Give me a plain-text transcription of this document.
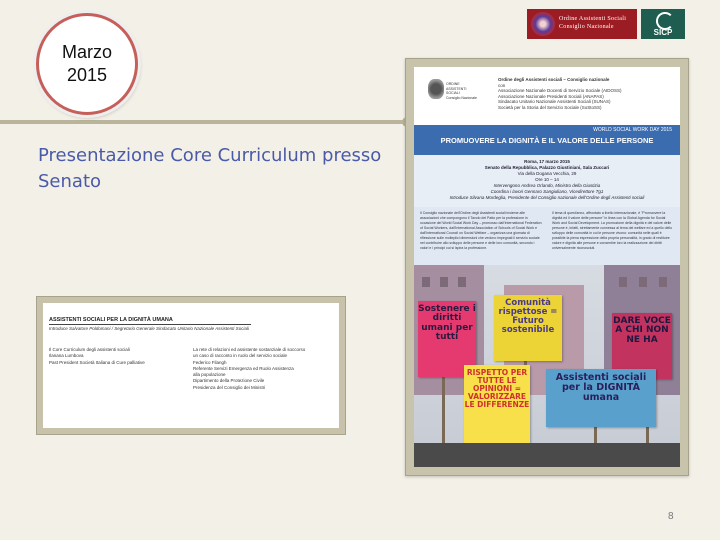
Marzo
2015
Presentazione Core Curriculum presso Senato
Ordine Assistenti Sociali
Consiglio Nazionale
SICP
ASSISTENTI SOCIALI PER LA DIGNITÀ UMANA
Introduce Salvatore Poldomani / Segretario Generale Sindacato Unitario Nazionale Assistenti Sociali
Il Core Curriculum degli assistenti sociali
Ilanana Lumbova
Past President Società Italiana di Cure palliative
La rete di relazioni ed assistente sostanziale di soccorso
un caso di racconto in ruolo del servizio sociale
Federico Filangh
Referente Servizi Emergenza ed Ruolo Assistenza
alla popolazione
Dipartimento della Protezione Civile
Presidenza del Consiglio dei Ministri
ORDINE
ASSISTENTI
SOCIALI
Consiglio Nazionale
Ordine degli Assistenti sociali – Consiglio nazionale
con
Associazione Nazionale Docenti di Servizio Sociale (AIDOSS)
Associazione Nazionale Presidenti Sociali (ANAPAS)
Sindacato Unitario Nazionale Assistenti Sociali (SUNAS)
Società per la Storia del Servizio Sociale (SoStoSS)
WORLD SOCIAL WORK DAY 2015
PROMUOVERE LA DIGNITÀ E IL VALORE DELLE PERSONE
Roma, 17 marzo 2015
Senato della Repubblica, Palazzo Giustiniani, Sala Zuccari
Via della Dogana Vecchia, 29
Ore 10 – 14
Intervengono Andrea Orlando, Ministro della Giustizia
Coordina i lavori Gennaro Sangiuliano, Vicedirettore Tg1
Introduce Silvana Mordeglia, Presidente del Consiglio nazionale dell'Ordine degli Assistenti sociali
Il Consiglio nazionale dell'Ordine degli Assistenti sociali insieme alle associazioni che compongono il Tavolo del Patto per la professione in occasione del World Social Work Day – promosso dall'International Federation of Social Workers, dall'International Association of Schools of Social Work e dall'International Council on Social Welfare – organizza una giornata di riflessione sulle molteplici dimensioni che vedono impegnati il servizio sociale nel contribuire allo sviluppo delle persone e delle loro comunità, secondo i valori e i principi cui si ispira la professione.
Il tema di quest'anno, affrontato a livello internazionale, è "Promuovere la dignità ed il valore delle persone" in linea con la Global Agenda for Social Work and Social Development. La promozione della dignità e del valore delle persone è, infatti, strettamente connessa al tema del welfare ed a quello dello sviluppo delle comunità in cui le persone vivono: comunità nelle quali è possibile la piena espressione della propria personalità, in grado di restituire valore e dignità alle persone e consentire loro la realizzazione dei diritti universalmente riconosciuti.
Sostenere i diritti umani per tutti
Comunità rispettose = Futuro sostenibile
DARE VOCE A CHI NON NE HA
RISPETTO PER TUTTE LE OPINIONI = VALORIZZARE LE DIFFERENZE
Assistenti sociali per la DIGNITÀ umana
8
